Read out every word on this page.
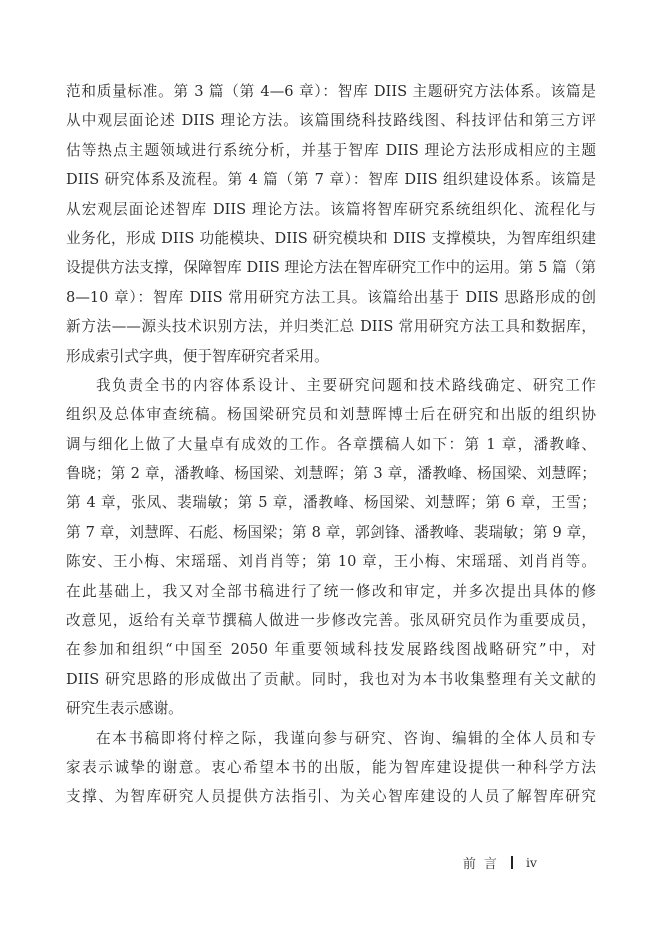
范和质量标准。第 3 篇（第 4—6 章）：智库 DIIS 主题研究方法体系。该篇是
从中观层面论述 DIIS 理论方法。该篇围绕科技路线图、科技评估和第三方评
估等热点主题领域进行系统分析，并基于智库 DIIS 理论方法形成相应的主题
DIIS 研究体系及流程。第 4 篇（第 7 章）：智库 DIIS 组织建设体系。该篇是
从宏观层面论述智库 DIIS 理论方法。该篇将智库研究系统组织化、流程化与
业务化，形成 DIIS 功能模块、DIIS 研究模块和 DIIS 支撑模块，为智库组织建
设提供方法支撑，保障智库 DIIS 理论方法在智库研究工作中的运用。第 5 篇（第
8—10 章）：智库 DIIS 常用研究方法工具。该篇给出基于 DIIS 思路形成的创
新方法——源头技术识别方法，并归类汇总 DIIS 常用研究方法工具和数据库，
形成索引式字典，便于智库研究者采用。
我负责全书的内容体系设计、主要研究问题和技术路线确定、研究工作
组织及总体审查统稿。杨国梁研究员和刘慧晖博士后在研究和出版的组织协
调与细化上做了大量卓有成效的工作。各章撰稿人如下：第 1 章，潘教峰、
鲁晓；第 2 章，潘教峰、杨国梁、刘慧晖；第 3 章，潘教峰、杨国梁、刘慧晖；
第 4 章，张凤、裴瑞敏；第 5 章，潘教峰、杨国梁、刘慧晖；第 6 章，王雪；
第 7 章，刘慧晖、石彪、杨国梁；第 8 章，郭剑锋、潘教峰、裴瑞敏；第 9 章，
陈安、王小梅、宋瑶瑶、刘肖肖等；第 10 章，王小梅、宋瑶瑶、刘肖肖等。
在此基础上，我又对全部书稿进行了统一修改和审定，并多次提出具体的修
改意见，返给有关章节撰稿人做进一步修改完善。张凤研究员作为重要成员，
在参加和组织“中国至 2050 年重要领域科技发展路线图战略研究”中，对
DIIS 研究思路的形成做出了贡献。同时，我也对为本书收集整理有关文献的
研究生表示感谢。
在本书稿即将付梓之际，我谨向参与研究、咨询、编辑的全体人员和专
家表示诚挚的谢意。衷心希望本书的出版，能为智库建设提供一种科学方法
支撑、为智库研究人员提供方法指引、为关心智库建设的人员了解智库研究
前言 iv
